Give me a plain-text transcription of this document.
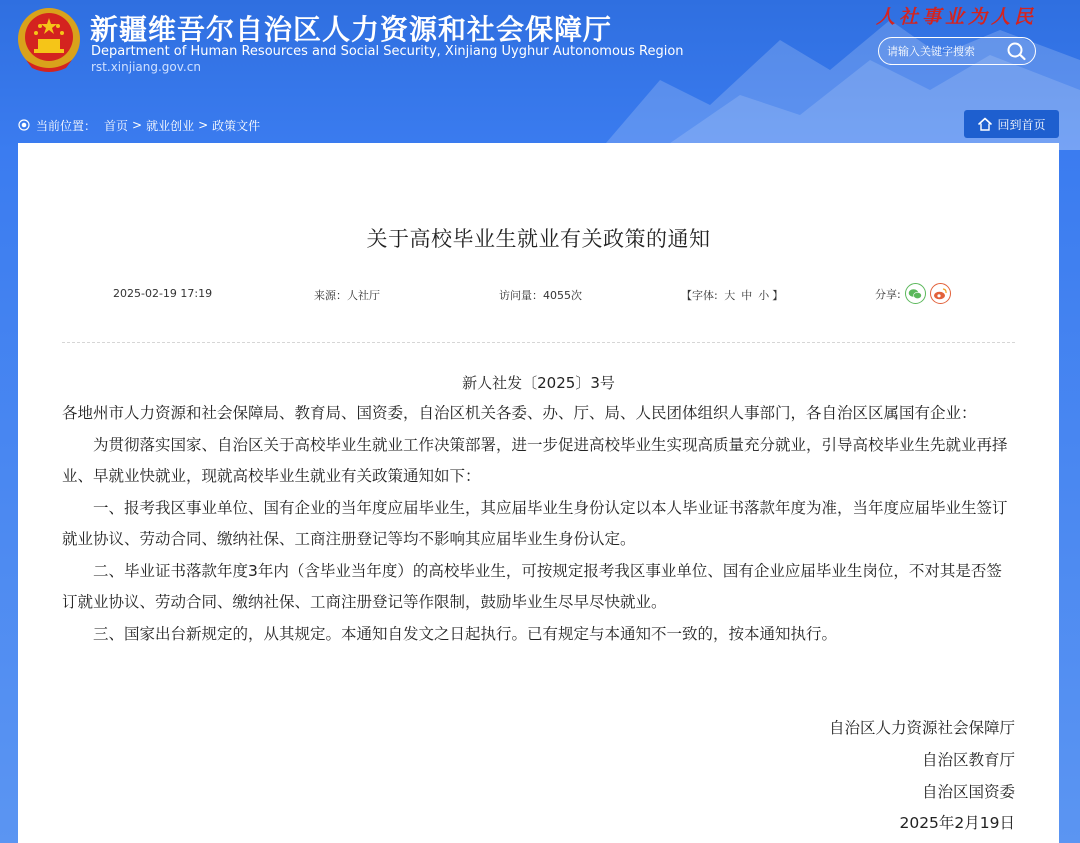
新疆维吾尔自治区人力资源和社会保障厅
Department of Human Resources and Social Security, Xinjiang Uyghur Autonomous Region
rst.xinjiang.gov.cn
人社事业为人民
请输入关键字搜索
当前位置： 首页 > 就业创业 > 政策文件	回到首页
关于高校毕业生就业有关政策的通知
2025-02-19 17:19	来源：人社厅	访问量：4055次	【字体: 大 中 小 】	分享:
新人社发〔2025〕3号

各地州市人力资源和社会保障局、教育局、国资委，自治区机关各委、办、厅、局、人民团体组织人事部门，各自治区区属国有企业：

为贯彻落实国家、自治区关于高校毕业生就业工作决策部署，进一步促进高校毕业生实现高质量充分就业，引导高校毕业生先就业再择业、早就业快就业，现就高校毕业生就业有关政策通知如下：

一、报考我区事业单位、国有企业的当年度应届毕业生，其应届毕业生身份认定以本人毕业证书落款年度为准，当年度应届毕业生签订就业协议、劳动合同、缴纳社保、工商注册登记等均不影响其应届毕业生身份认定。

二、毕业证书落款年度3年内（含毕业当年度）的高校毕业生，可按规定报考我区事业单位、国有企业应届毕业生岗位，不对其是否签订就业协议、劳动合同、缴纳社保、工商注册登记等作限制，鼓励毕业生尽早尽快就业。

三、国家出台新规定的，从其规定。本通知自发文之日起执行。已有规定与本通知不一致的，按本通知执行。

自治区人力资源社会保障厅
自治区教育厅
自治区国资委
2025年2月19日
